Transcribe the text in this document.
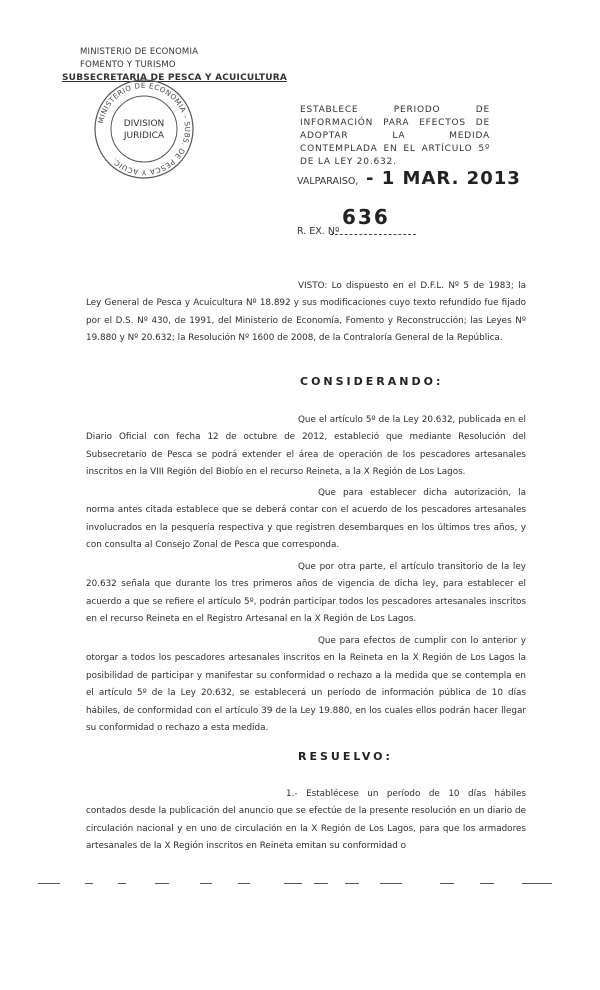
MINISTERIO DE ECONOMIA
FOMENTO Y TURISMO
SUBSECRETARIA DE PESCA Y ACUICULTURA
MINISTERIO DE ECONOMIA - SUBS. DE PESCA Y ACUIC.
DIVISION
JURIDICA
ESTABLECE PERIODO DE INFORMACIÓN PARA EFECTOS DE ADOPTAR LA MEDIDA CONTEMPLADA EN EL ARTÍCULO 5º DE LA LEY 20.632.
VALPARAISO, - 1 MAR. 2013
636
R. EX. Nº
VISTO: Lo dispuesto en el D.F.L. Nº 5 de 1983; la Ley General de Pesca y Acuicultura Nº 18.892 y sus modificaciones cuyo texto refundido fue fijado por el D.S. Nº 430, de 1991, del Ministerio de Economía, Fomento y Reconstrucción; las Leyes Nº 19.880 y Nº 20.632; la Resolución Nº 1600 de 2008, de la Contraloría General de la República.
CONSIDERANDO:
Que el artículo 5º de la Ley 20.632, publicada en el Diario Oficial con fecha 12 de octubre de 2012, estableció que mediante Resolución del Subsecretario de Pesca se podrá extender el área de operación de los pescadores artesanales inscritos en la VIII Región del Biobío en el recurso Reineta, a la X Región de Los Lagos.
Que para establecer dicha autorización, la norma antes citada establece que se deberá contar con el acuerdo de los pescadores artesanales involucrados en la pesquería respectiva y que registren desembarques en los últimos tres años, y con consulta al Consejo Zonal de Pesca que corresponda.
Que por otra parte, el artículo transitorio de la ley 20.632 señala que durante los tres primeros años de vigencia de dicha ley, para establecer el acuerdo a que se refiere el artículo 5º, podrán participar todos los pescadores artesanales inscritos en el recurso Reineta en el Registro Artesanal en la X Región de Los Lagos.
Que para efectos de cumplir con lo anterior y otorgar a todos los pescadores artesanales inscritos en la Reineta en la X Región de Los Lagos la posibilidad de participar y manifestar su conformidad o rechazo a la medida que se contempla en el artículo 5º de la Ley 20.632, se establecerá un período de información pública de 10 días hábiles, de conformidad con el artículo 39 de la Ley 19.880, en los cuales ellos podrán hacer llegar su conformidad o rechazo a esta medida.
RESUELVO:
1.- Establécese un período de 10 días hábiles contados desde la publicación del anuncio que se efectúe de la presente resolución en un diario de circulación nacional y en uno de circulación en la X Región de Los Lagos, para que los armadores artesanales de la X Región inscritos en Reineta emitan su conformidad o
